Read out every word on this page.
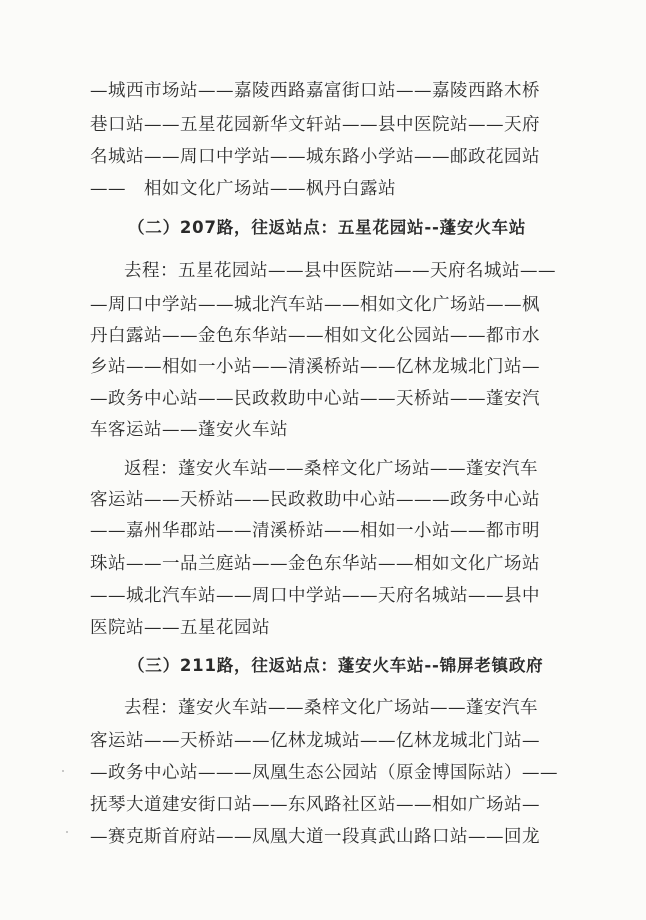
—城西市场站——嘉陵西路嘉富街口站——嘉陵西路木桥
巷口站——五星花园新华文轩站——县中医院站——天府
名城站——周口中学站——城东路小学站——邮政花园站
——　相如文化广场站——枫丹白露站
（二）207路，往返站点：五星花园站--蓬安火车站
去程：五星花园站——县中医院站——天府名城站——
—周口中学站——城北汽车站——相如文化广场站——枫
丹白露站——金色东华站——相如文化公园站——都市水
乡站——相如一小站——清溪桥站——亿林龙城北门站—
—政务中心站——民政救助中心站——天桥站——蓬安汽
车客运站——蓬安火车站
返程：蓬安火车站——桑梓文化广场站——蓬安汽车
客运站——天桥站——民政救助中心站———政务中心站
——嘉州华郡站——清溪桥站——相如一小站——都市明
珠站——一品兰庭站——金色东华站——相如文化广场站
——城北汽车站——周口中学站——天府名城站——县中
医院站——五星花园站
（三）211路，往返站点：蓬安火车站--锦屏老镇政府
去程：蓬安火车站——桑梓文化广场站——蓬安汽车
客运站——天桥站——亿林龙城站——亿林龙城北门站—
—政务中心站———凤凰生态公园站（原金博国际站）——
抚琴大道建安街口站——东风路社区站——相如广场站—
—赛克斯首府站——凤凰大道一段真武山路口站——回龙
